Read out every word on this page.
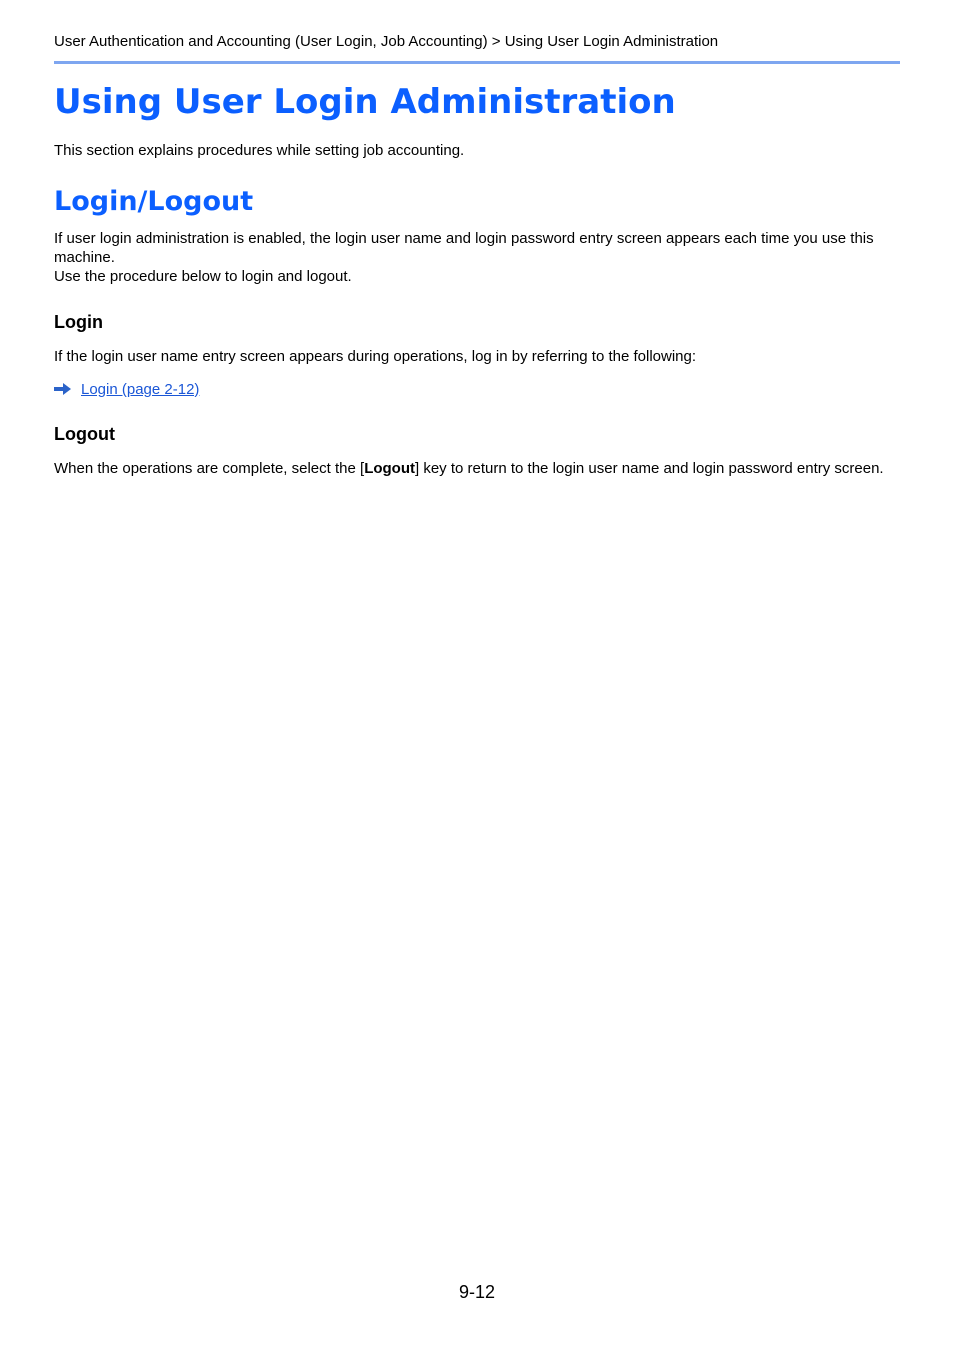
User Authentication and Accounting (User Login, Job Accounting) > Using User Login Administration
Using User Login Administration
This section explains procedures while setting job accounting.
Login/Logout
If user login administration is enabled, the login user name and login password entry screen appears each time you use this machine.
Use the procedure below to login and logout.
Login
If the login user name entry screen appears during operations, log in by referring to the following:
Login (page 2-12)
Logout
When the operations are complete, select the [Logout] key to return to the login user name and login password entry screen.
9-12
